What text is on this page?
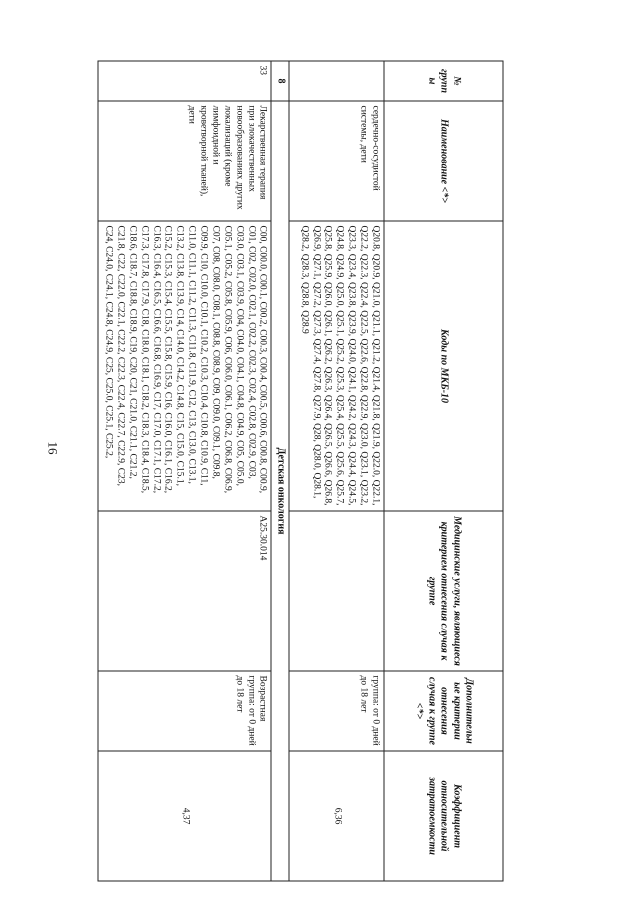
16
№ группы	Наименование <*>	Коды по МКБ-10	Медицинские услуги, являющиеся критерием отнесения случая к группе	Дополнительные критерии отнесения случая к группе <*>	Коэффициент относительной затратоемкости
	сердечно-сосудистой системы, дети	Q20.8, Q20.9, Q21.0, Q21.1, Q21.2, Q21.4, Q21.8, Q21.9, Q22.0, Q22.1, Q22.2, Q22.3, Q22.4, Q22.5, Q22.6, Q22.8, Q22.9, Q23.0, Q23.1, Q23.2, Q23.3, Q23.4, Q23.8, Q23.9, Q24.0, Q24.1, Q24.2, Q24.3, Q24.4, Q24.5, Q24.8, Q24.9, Q25.0, Q25.1, Q25.2, Q25.3, Q25.4, Q25.5, Q25.6, Q25.7, Q25.8, Q25.9, Q26.0, Q26.1, Q26.2, Q26.3, Q26.4, Q26.5, Q26.6, Q26.8, Q26.9, Q27.1, Q27.2, Q27.3, Q27.4, Q27.8, Q27.9, Q28, Q28.0, Q28.1, Q28.2, Q28.3, Q28.8, Q28.9		группа: от 0 дней до 18 лет	6,36
8	Детская онкология				
33	Лекарственная терапия при злокачественных новообразованиях других локализаций (кроме лимфоидной и кроветворной тканей), дети	C00, C00.0, C00.1, C00.2, C00.3, C00.4, C00.5, C00.6, C00.8, C00.9, C01, C02, C02.0, C02.1, C02.2, C02.3, C02.4, C02.8, C02.9, C03, C03.0, C03.1, C03.9, C04, C04.0, C04.1, C04.8, C04.9, C05, C05.0, C05.1, C05.2, C05.8, C05.9, C06, C06.0, C06.1, C06.2, C06.8, C06.9, C07, C08, C08.0, C08.1, C08.8, C08.9, C09, C09.0, C09.1, C09.8, C09.9, C10, C10.0, C10.1, C10.2, C10.3, C10.4, C10.8, C10.9, C11, C11.0, C11.1, C11.2, C11.3, C11.8, C11.9, C12, C13, C13.0, C13.1, C13.2, C13.8, C13.9, C14, C14.0, C14.2, C14.8, C15, C15.0, C15.1, C15.2, C15.3, C15.4, C15.5, C15.8, C15.9, C16, C16.0, C16.1, C16.2, C16.3, C16.4, C16.5, C16.6, C16.8, C16.9, C17, C17.0, C17.1, C17.2, C17.3, C17.8, C17.9, C18, C18.0, C18.1, C18.2, C18.3, C18.4, C18.5, C18.6, C18.7, C18.8, C18.9, C19, C20, C21, C21.0, C21.1, C21.2, C21.8, C22, C22.0, C22.1, C22.2, C22.3, C22.4, C22.7, C22.9, C23, C24, C24.0, C24.1, C24.8, C24.9, C25, C25.0, C25.1, C25.2,	A25.30.014	Возрастная группа: от 0 дней до 18 лет	4,37
